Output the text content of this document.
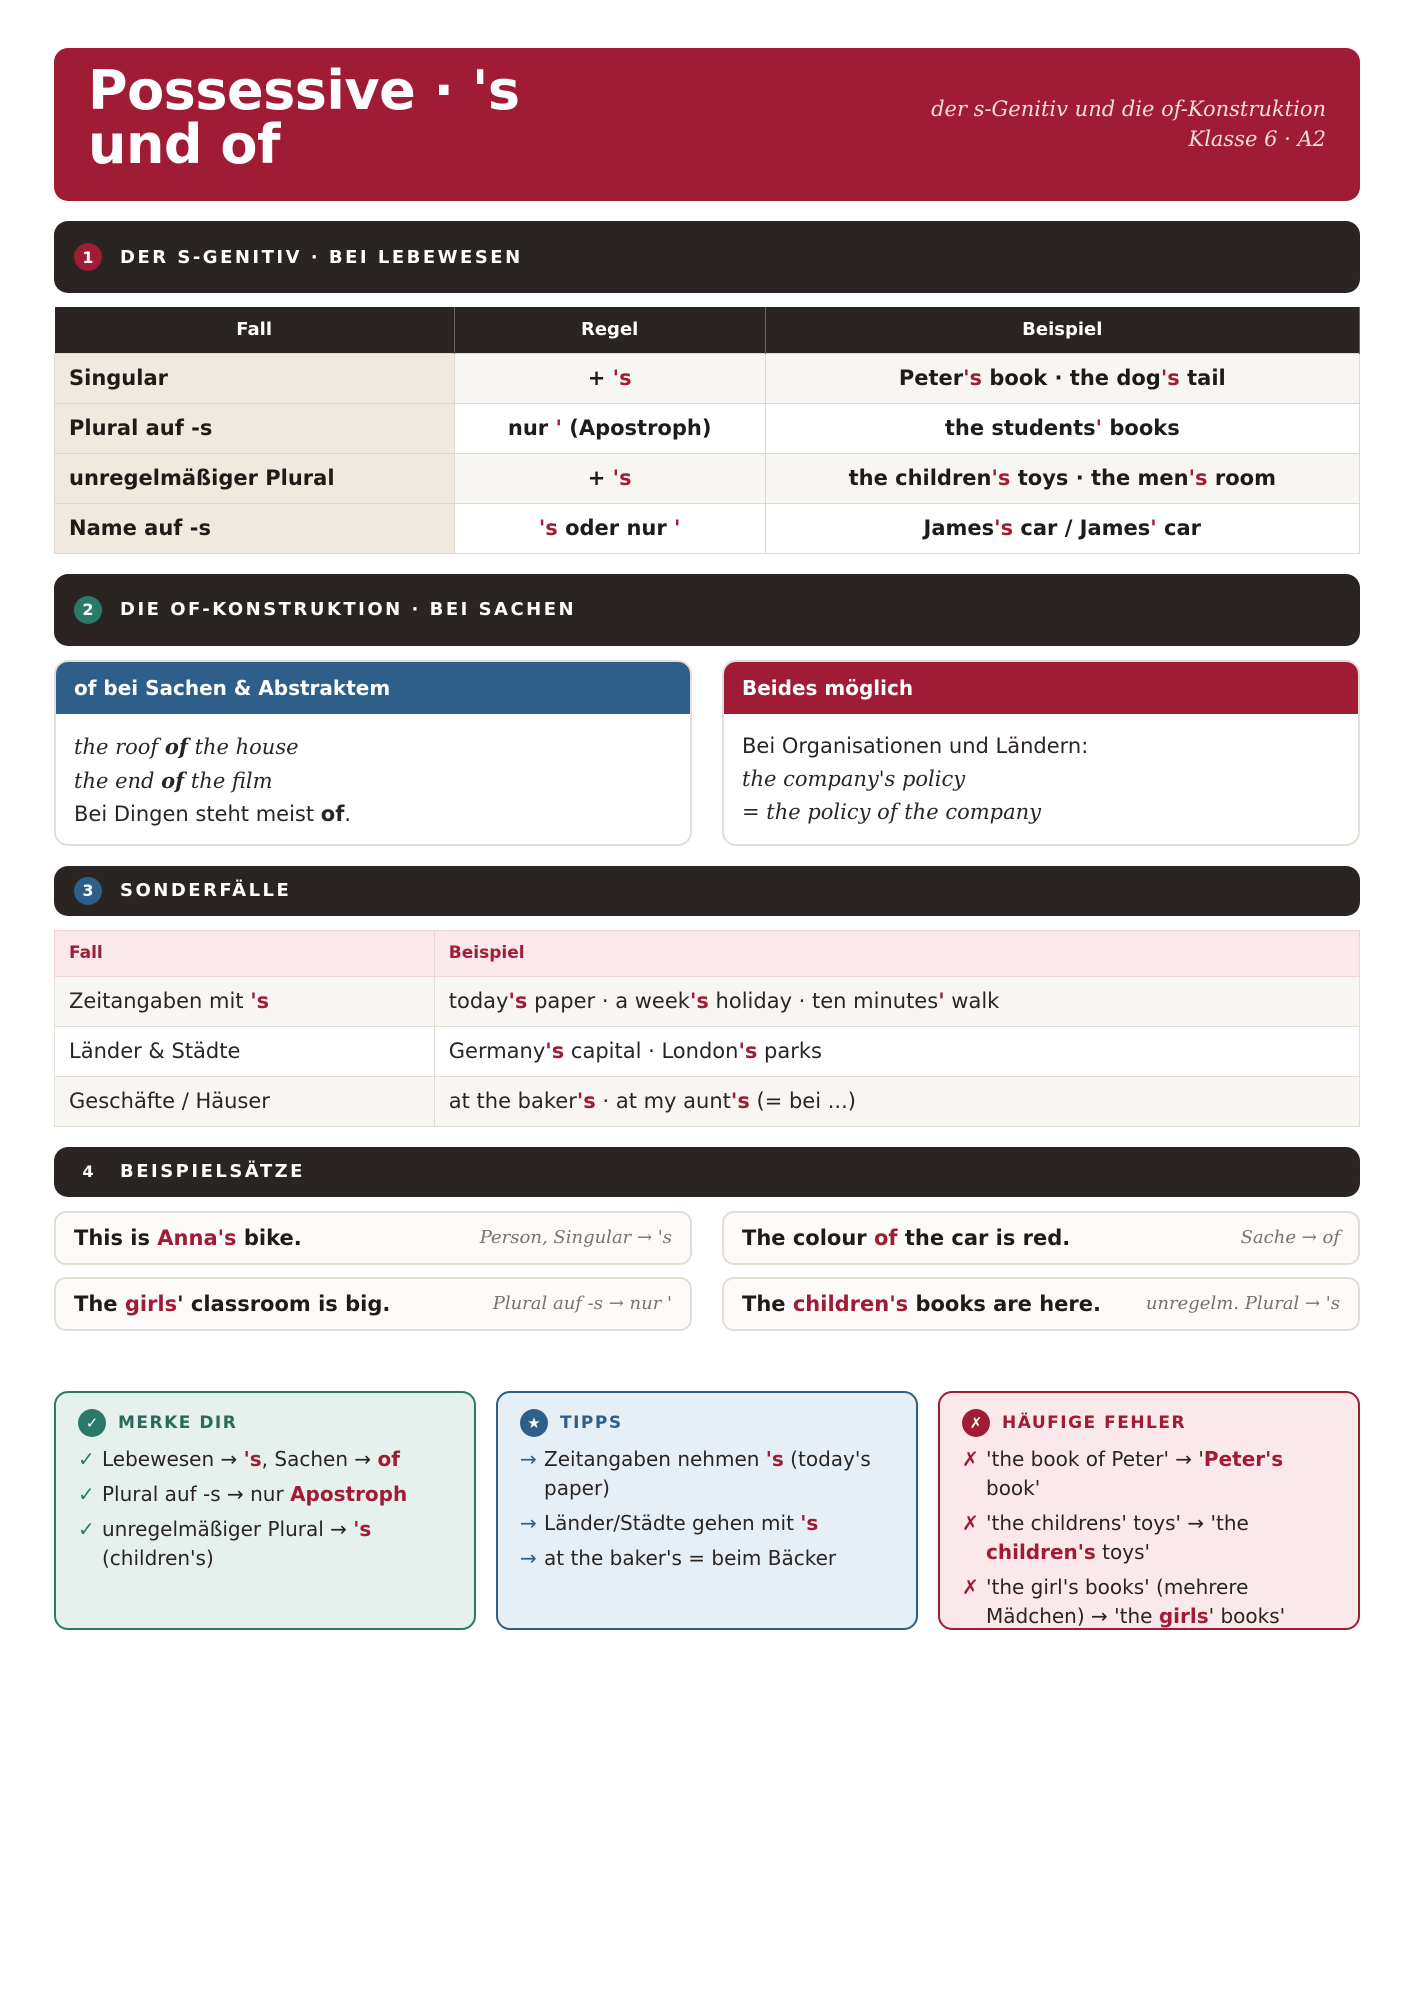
Possessive · 's und of
der s-Genitiv und die of-Konstruktion
Klasse 6 · A2
1	DER S-GENITIV · BEI LEBEWESEN
Fall	Regel	Beispiel
Singular	+ 's	Peter's book · the dog's tail
Plural auf -s	nur ' (Apostroph)	the students' books
unregelmäßiger Plural	+ 's	the children's toys · the men's room
Name auf -s	's oder nur '	James's car / James' car
2	DIE OF-KONSTRUKTION · BEI SACHEN
of bei Sachen & Abstraktem
the roof of the house
the end of the film
Bei Dingen steht meist of.
Beides möglich
Bei Organisationen und Ländern:
the company's policy
= the policy of the company
3	SONDERFÄLLE
Fall	Beispiel
Zeitangaben mit 's	today's paper · a week's holiday · ten minutes' walk
Länder & Städte	Germany's capital · London's parks
Geschäfte / Häuser	at the baker's · at my aunt's (= bei ...)
4	BEISPIELSÄTZE
This is Anna's bike.	Person, Singular → 's	The colour of the car is red.	Sache → of
The girls' classroom is big.	Plural auf -s → nur '	The children's books are here. unregelm. Plural → 's
✓	MERKE DIR
✓ Lebewesen → 's, Sachen → of
✓ Plural auf -s → nur Apostroph
✓ unregelmäßiger Plural → 's (children's)
★	TIPPS
→ Zeitangaben nehmen 's (today's paper)
→ Länder/Städte gehen mit 's
→ at the baker's = beim Bäcker
✗	HÄUFIGE FEHLER
✗ 'the book of Peter' → 'Peter's book'
✗ 'the childrens' toys' → 'the children's toys'
✗ 'the girl's books' (mehrere Mädchen) → 'the girls' books'
